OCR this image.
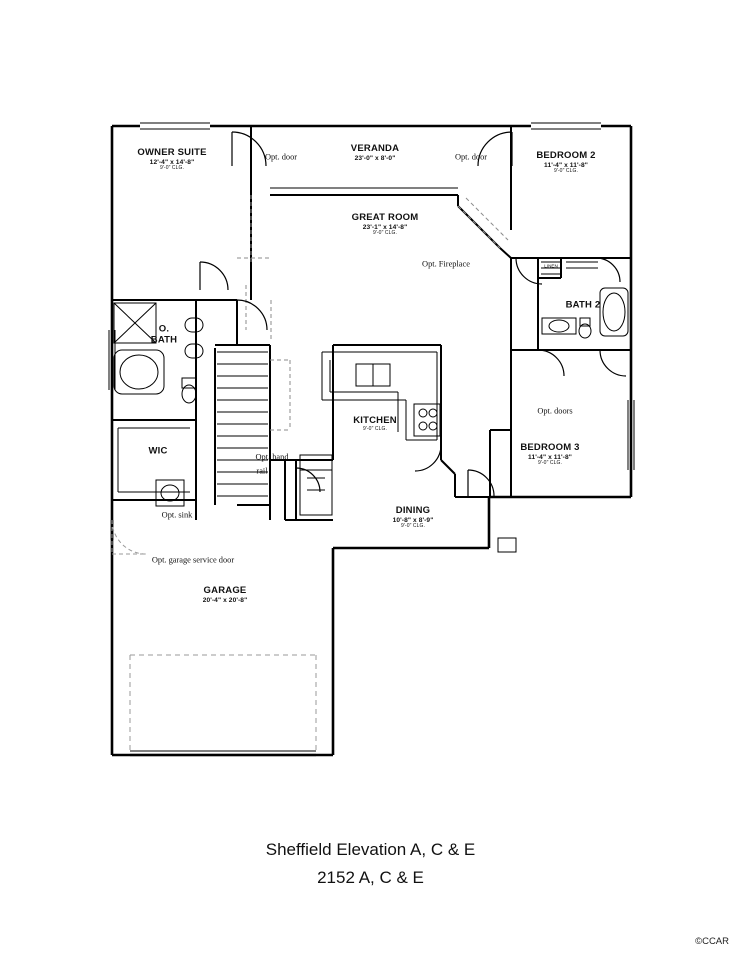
OWNER SUITE
12'-4" x 14'-8"
9'-0" CLG.
VERANDA
23'-0" x 8'-0"	BEDROOM 2
11'-4" x 11'-8"
9'-0" CLG.
GREAT ROOM
23'-1" x 14'-8"
9'-0" CLG.
BATH 2
O.
BATH
KITCHEN
9'-0" CLG.
WIC	BEDROOM 3
11'-4" x 11'-8"
9'-0" CLG.
DINING
10'-8" x 8'-9"
9'-0" CLG.
GARAGE
20'-4" x 20'-8"
Opt. door	Opt. door
Opt. Fireplace
Opt. doors
Opt. hand
rail
Opt. sink
Opt. garage service door
LINEN
Sheffield Elevation A, C & E
2152 A, C & E
©CCAR
